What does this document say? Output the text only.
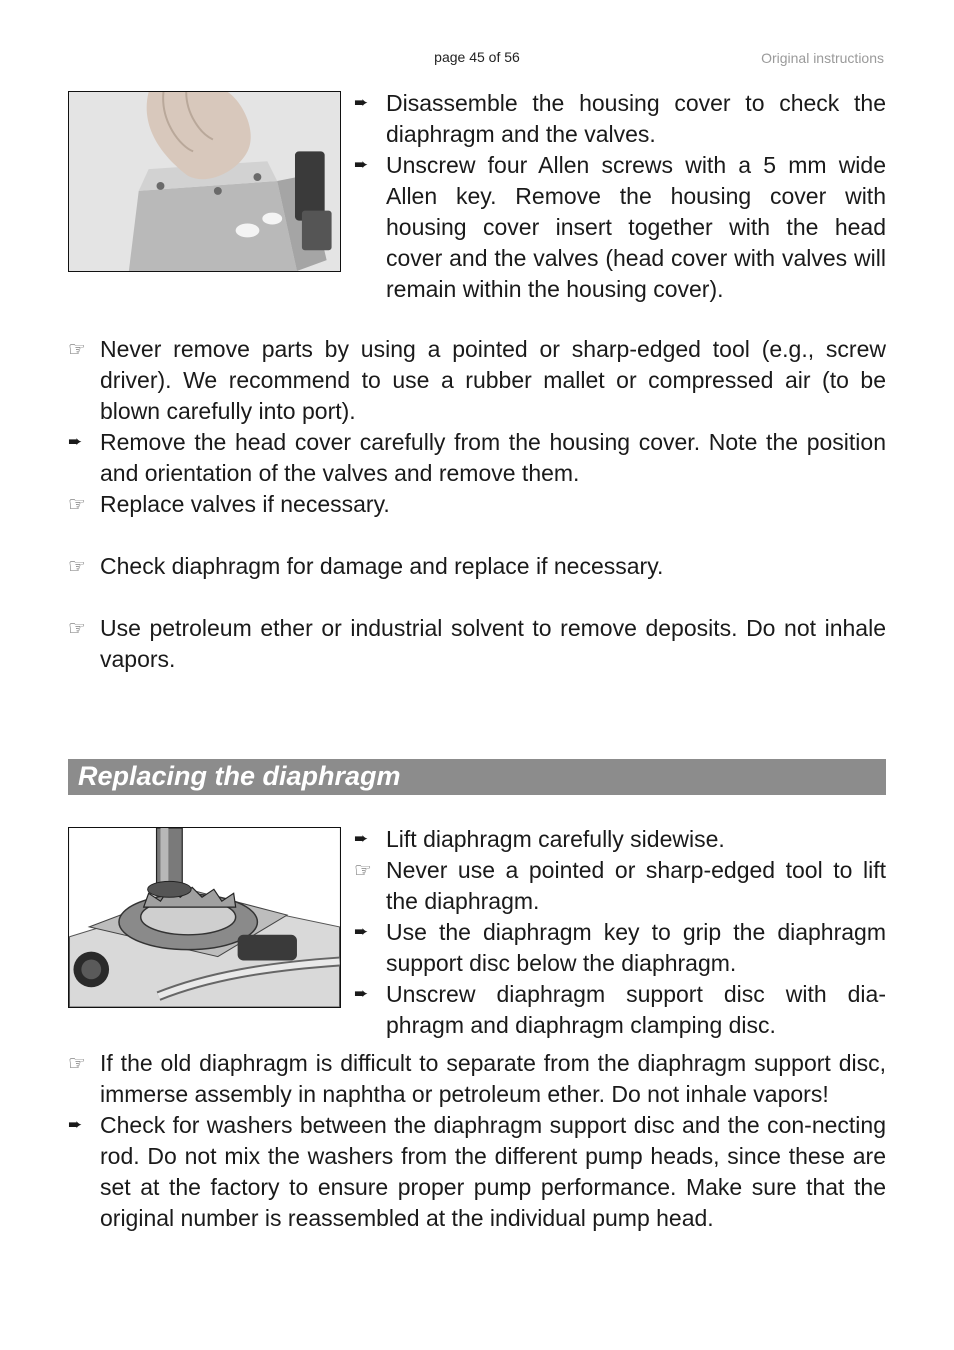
page 45 of 56	Original instructions
➨ Disassemble the housing cover to check the diaphragm and the valves.
➨ Unscrew four Allen screws with a 5 mm wide Allen key. Remove the housing cover with housing cover insert together with the head cover and the valves (head cover with valves will remain within the housing cover).
☞ Never remove parts by using a pointed or sharp-edged tool (e.g., screw driver). We recommend to use a rubber mallet or compressed air (to be blown carefully into port).
➨ Remove the head cover carefully from the housing cover. Note the position and orientation of the valves and remove them.
☞ Replace valves if necessary.
☞ Check diaphragm for damage and replace if necessary.
☞ Use petroleum ether or industrial solvent to remove deposits. Do not inhale vapors.
Replacing the diaphragm
➨ Lift diaphragm carefully sidewise.
☞ Never use a pointed or sharp-edged tool to lift the diaphragm.
➨ Use the diaphragm key to grip the diaphragm support disc below the diaphragm.
➨ Unscrew diaphragm support disc with dia-phragm and diaphragm clamping disc.
☞ If the old diaphragm is difficult to separate from the diaphragm support disc, immerse assembly in naphtha or petroleum ether. Do not inhale vapors!
➨ Check for washers between the diaphragm support disc and the con-necting rod. Do not mix the washers from the different pump heads, since these are set at the factory to ensure proper pump performance. Make sure that the original number is reassembled at the individual pump head.
